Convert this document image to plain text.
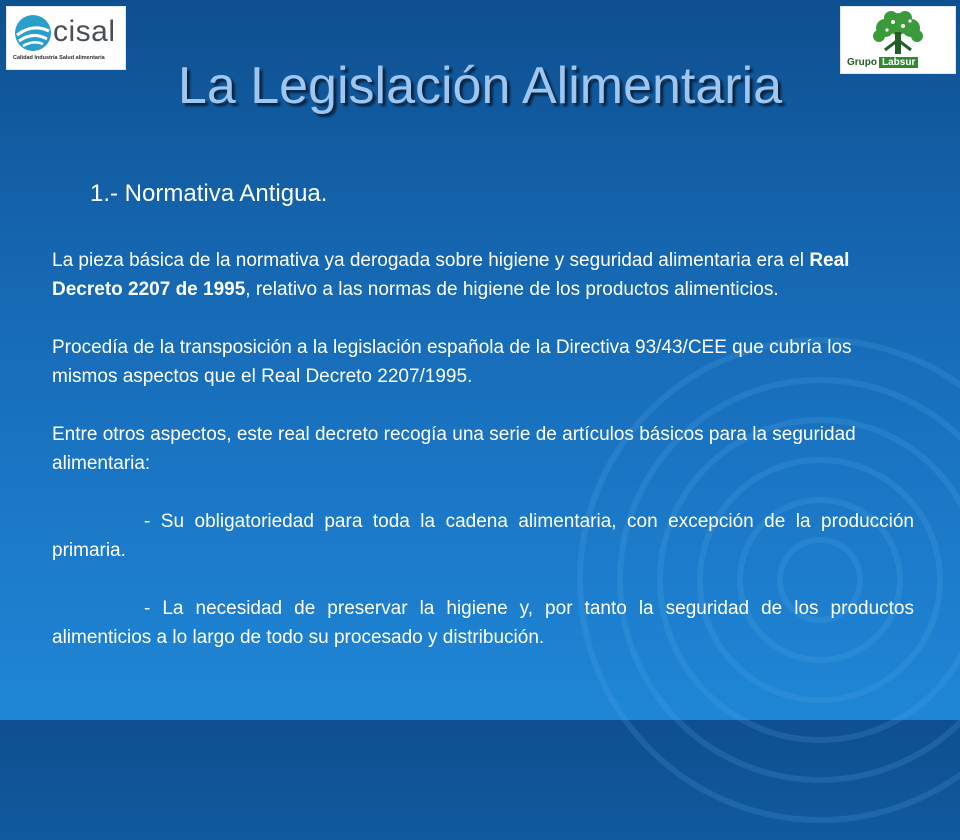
cisal
Calidad Industria Salud alimentaria	Grupo Labsur
La Legislación Alimentaria
1.- Normativa Antigua.

La pieza básica de la normativa ya derogada sobre higiene y seguridad alimentaria era el Real Decreto 2207 de 1995, relativo a las normas de higiene de los productos alimenticios.

Procedía de la transposición a la legislación española de la Directiva 93/43/CEE que cubría los mismos aspectos que el Real Decreto 2207/1995.

Entre otros aspectos, este real decreto recogía una serie de artículos básicos para la seguridad alimentaria:

- Su obligatoriedad para toda la cadena alimentaria, con excepción de la producción primaria.

- La necesidad de preservar la higiene y, por tanto la seguridad de los productos alimenticios a lo largo de todo su procesado y distribución.
